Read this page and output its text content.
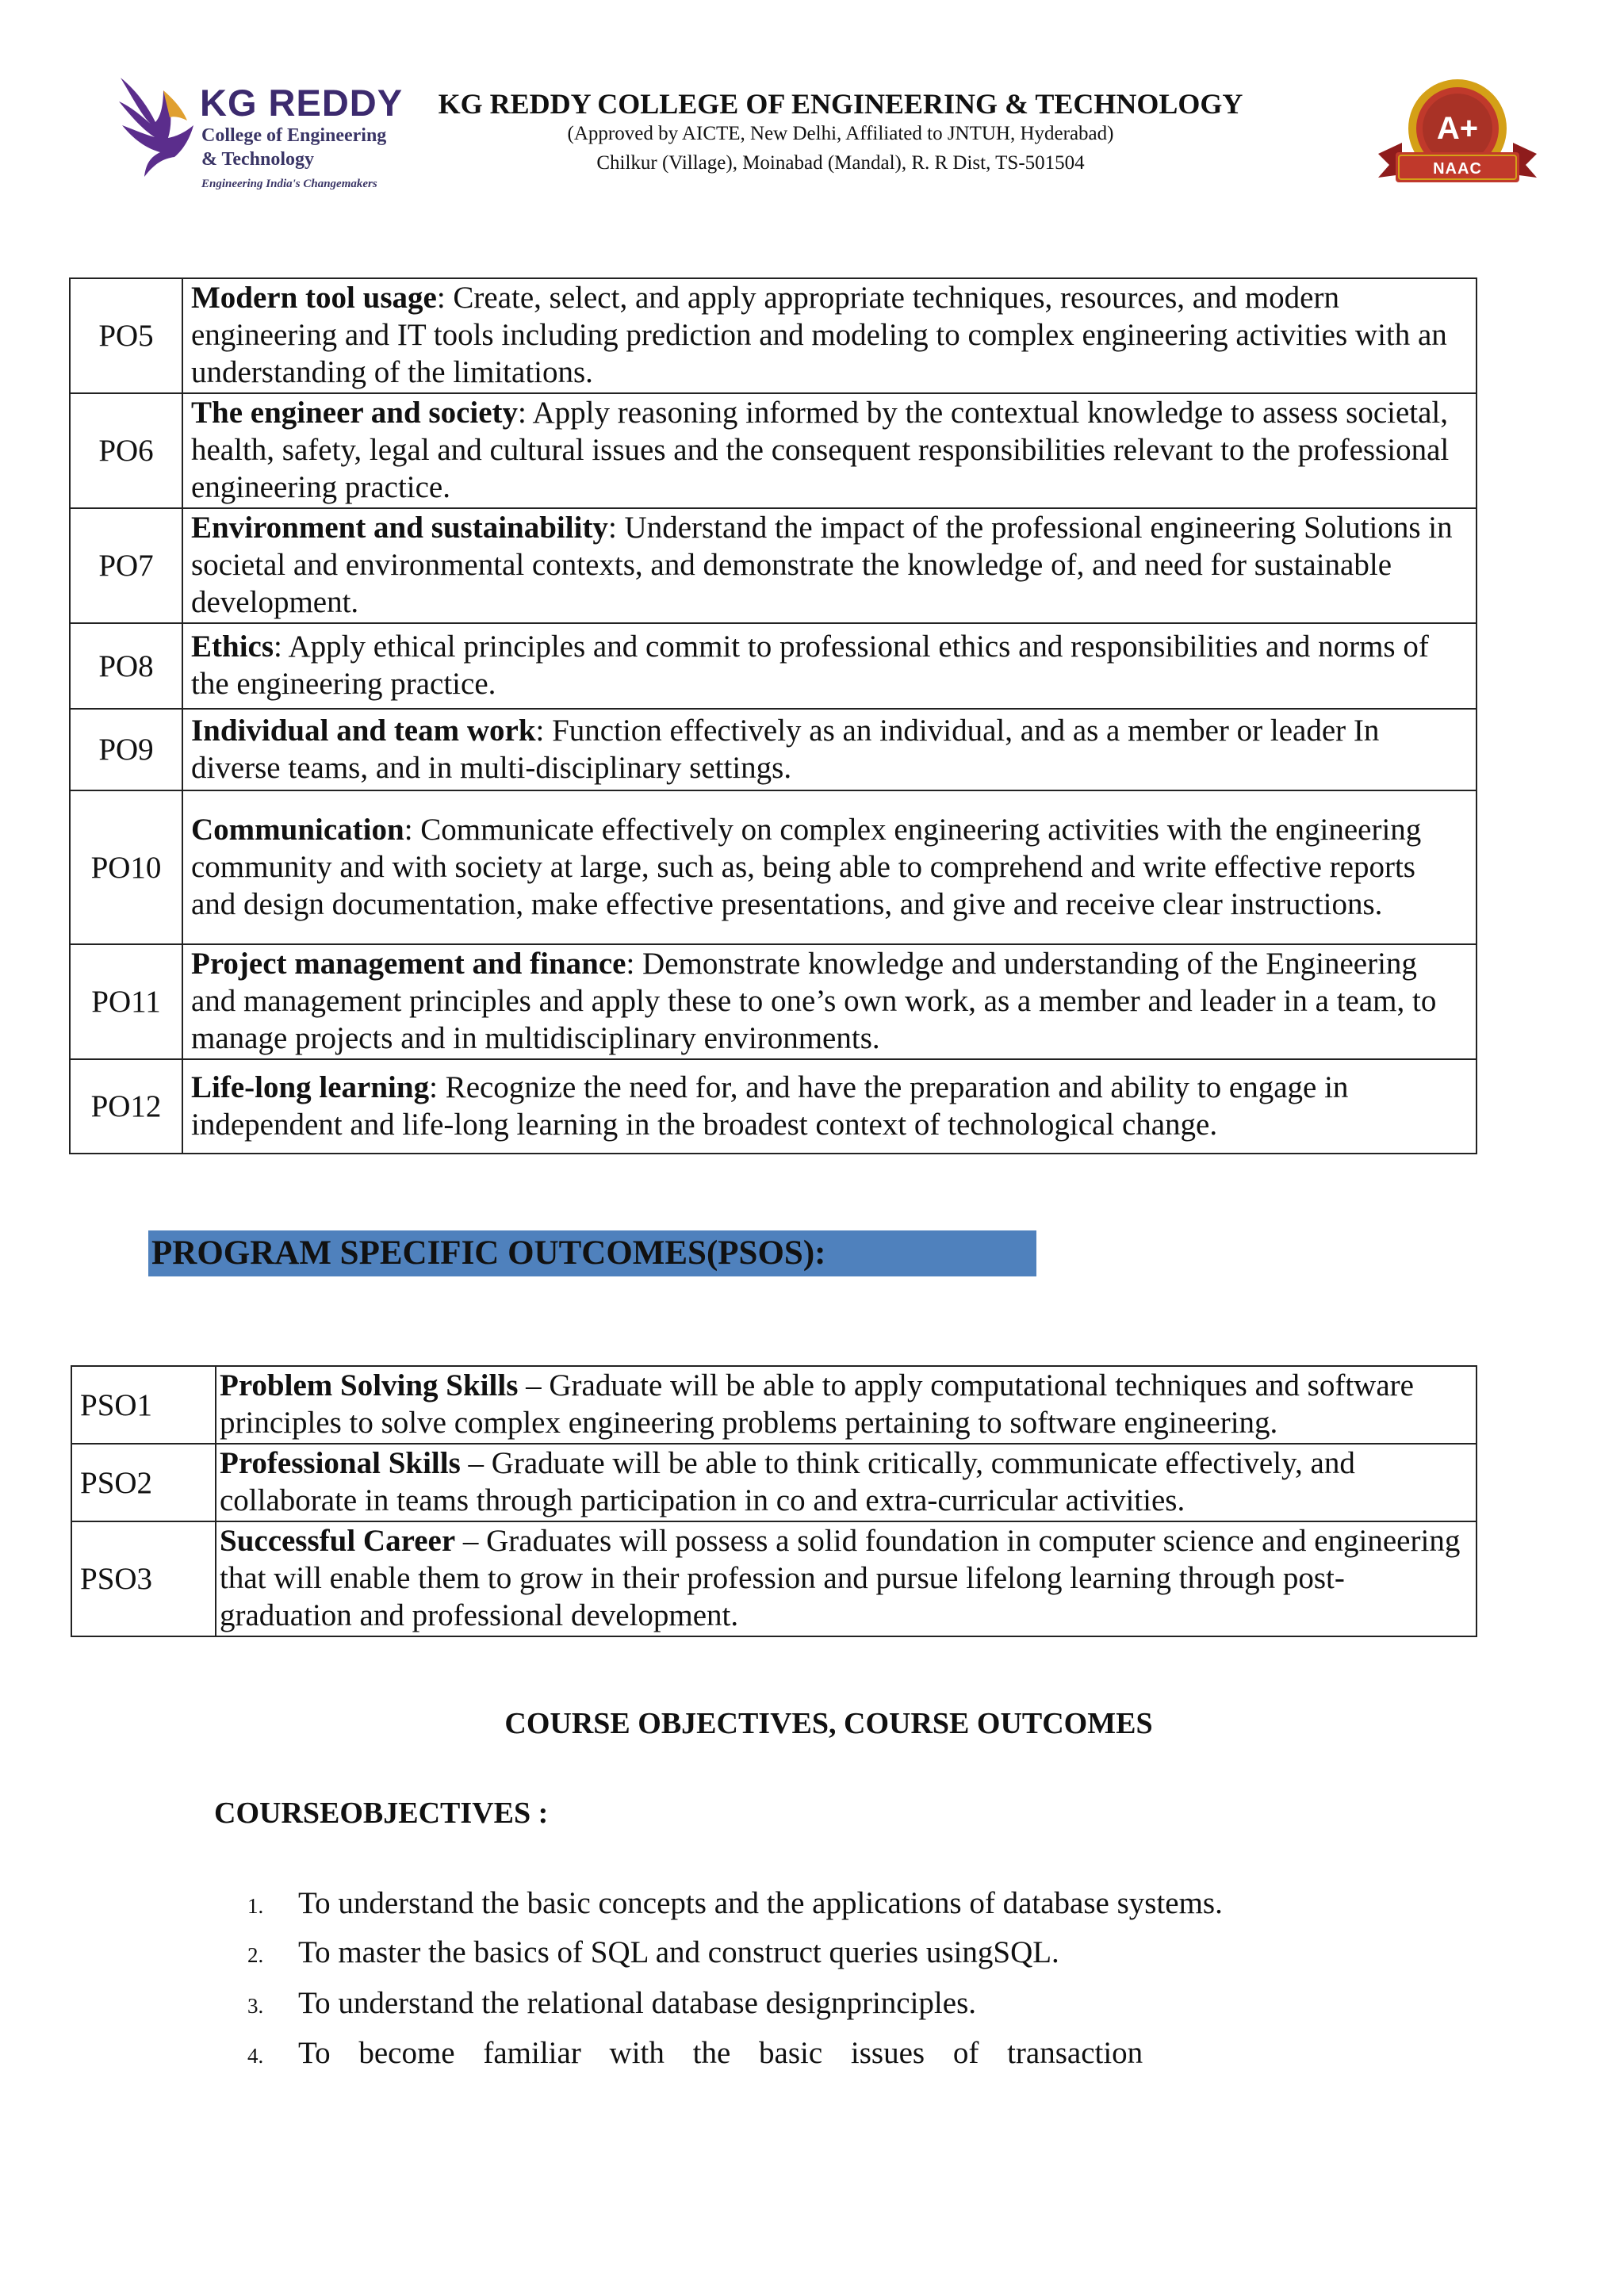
KG REDDY
College of Engineering
& Technology
Engineering India's Changemakers
KG REDDY COLLEGE OF ENGINEERING & TECHNOLOGY
(Approved by AICTE, New Delhi, Affiliated to JNTUH, Hyderabad)
Chilkur (Village), Moinabad (Mandal), R. R Dist, TS-501504
A+
NAAC
PO5	Modern tool usage: Create, select, and apply appropriate techniques, resources, and modern engineering and IT tools including prediction and modeling to complex engineering activities with an understanding of the limitations.
PO6	The engineer and society: Apply reasoning informed by the contextual knowledge to assess societal, health, safety, legal and cultural issues and the consequent responsibilities relevant to the professional engineering practice.
PO7	Environment and sustainability: Understand the impact of the professional engineering Solutions in societal and environmental contexts, and demonstrate the knowledge of, and need for sustainable development.
PO8	Ethics: Apply ethical principles and commit to professional ethics and responsibilities and norms of the engineering practice.
PO9	Individual and team work: Function effectively as an individual, and as a member or leader In diverse teams, and in multi-disciplinary settings.
PO10	Communication: Communicate effectively on complex engineering activities with the engineering community and with society at large, such as, being able to comprehend and write effective reports and design documentation, make effective presentations, and give and receive clear instructions.
PO11	Project management and finance: Demonstrate knowledge and understanding of the Engineering and management principles and apply these to one’s own work, as a member and leader in a team, to manage projects and in multidisciplinary environments.
PO12	Life-long learning: Recognize the need for, and have the preparation and ability to engage in independent and life-long learning in the broadest context of technological change.
PROGRAM SPECIFIC OUTCOMES(PSOS):
PSO1	Problem Solving Skills – Graduate will be able to apply computational techniques and software principles to solve complex engineering problems pertaining to software engineering.
PSO2	Professional Skills – Graduate will be able to think critically, communicate effectively, and collaborate in teams through participation in co and extra-curricular activities.
PSO3	Successful Career – Graduates will possess a solid foundation in computer science and engineering that will enable them to grow in their profession and pursue lifelong learning through post-graduation and professional development.
COURSE OBJECTIVES, COURSE OUTCOMES
COURSEOBJECTIVES :
1. To understand the basic concepts and the applications of database systems.
2. To master the basics of SQL and construct queries usingSQL.
3. To understand the relational database designprinciples.
4. To become familiar with the basic issues of transaction
